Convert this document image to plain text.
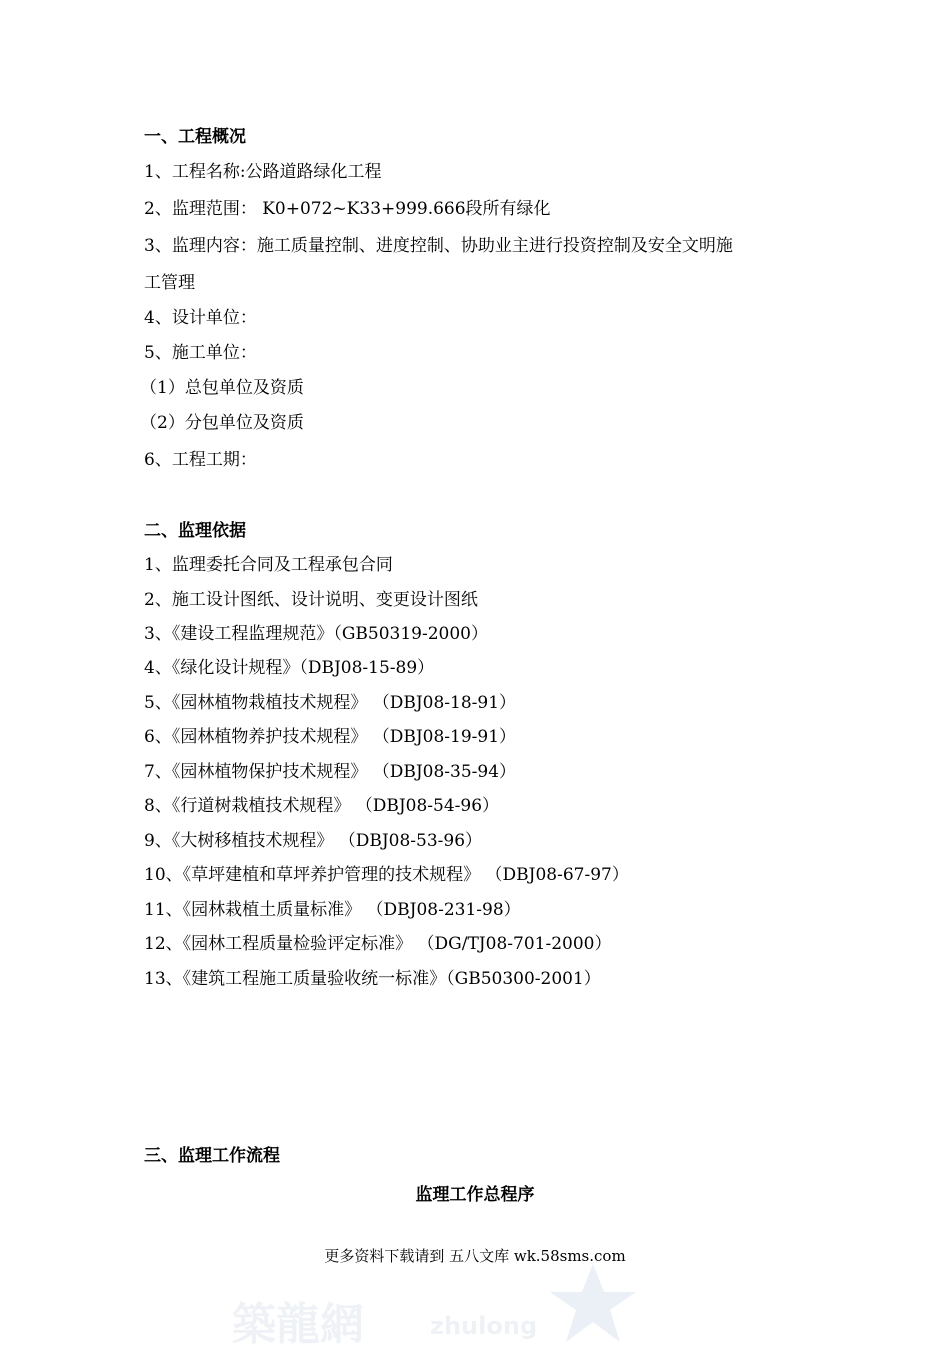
築龍網	zhulong
一、工程概况
1、工程名称:公路道路绿化工程
2、监理范围： K0+072~K33+999.666段所有绿化
3、监理内容：施工质量控制、进度控制、协助业主进行投资控制及安全文明施
工管理
4、设计单位：
5、施工单位：
（1）总包单位及资质
（2）分包单位及资质
6、工程工期：
二、监理依据
1、监理委托合同及工程承包合同
2、施工设计图纸、设计说明、变更设计图纸
3、《建设工程监理规范》（GB50319-2000）
4、《绿化设计规程》（DBJ08-15-89）
5、《园林植物栽植技术规程》 （DBJ08-18-91）
6、《园林植物养护技术规程》 （DBJ08-19-91）
7、《园林植物保护技术规程》 （DBJ08-35-94）
8、《行道树栽植技术规程》 （DBJ08-54-96）
9、《大树移植技术规程》 （DBJ08-53-96）
10、《草坪建植和草坪养护管理的技术规程》 （DBJ08-67-97）
11、《园林栽植土质量标准》 （DBJ08-231-98）
12、《园林工程质量检验评定标准》 （DG/TJ08-701-2000）
13、《建筑工程施工质量验收统一标准》（GB50300-2001）
三、监理工作流程
监理工作总程序
更多资料下载请到 五八文库 wk.58sms.com
